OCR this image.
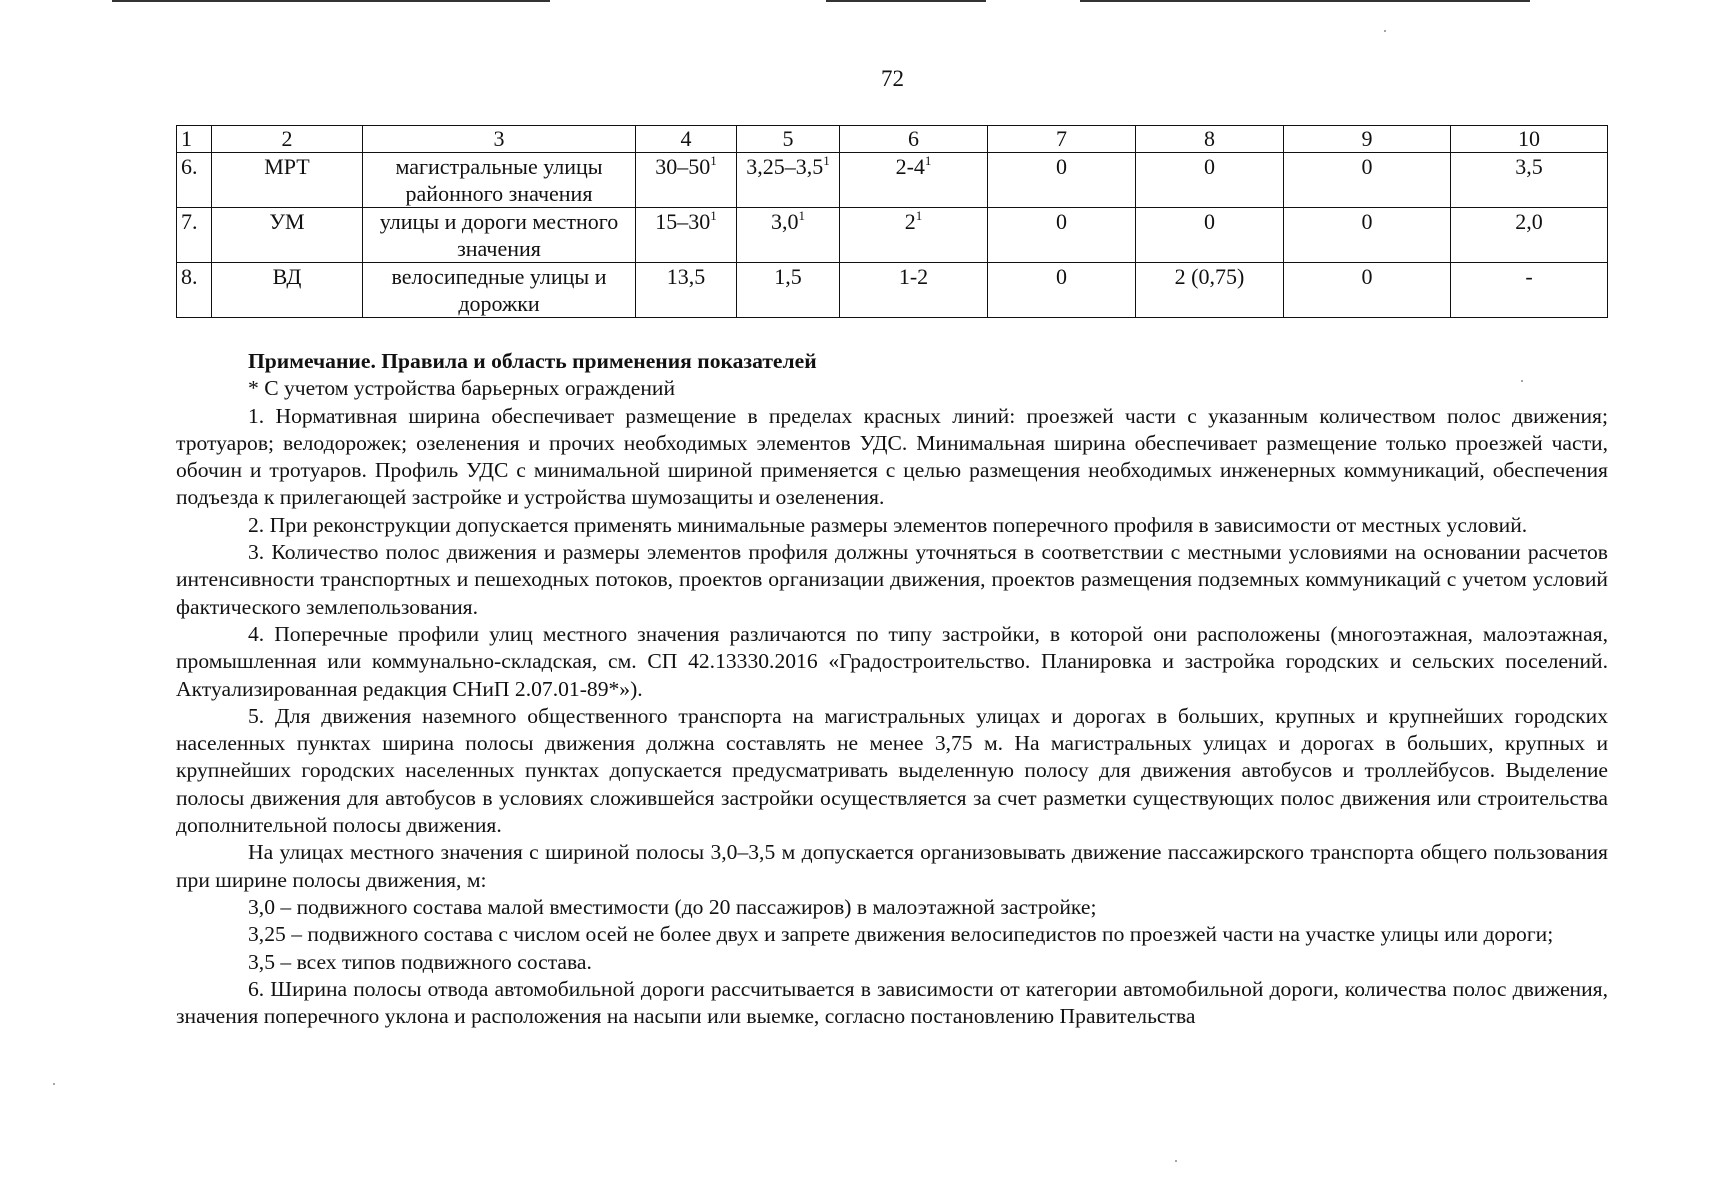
72
1	2	3	4	5	6	7	8	9	10
6.	МРТ	магистральные улицы районного значения	$30-50^1$	$3,25-3,5^1$	$2-4^1$	0	0	0	3,5
7.	УМ	улицы и дороги местного значения	$15-30^1$	$3,0^1$	$2^1$	0	0	0	2,0
8.	ВД	велосипедные улицы и дорожки	13,5	1,5	1-2	0	2 (0,75)	0	-

Примечание. Правила и область применения показателей

* С учетом устройства барьерных ограждений

1. Нормативная ширина обеспечивает размещение в пределах красных линий: проезжей части с указанным количеством полос движения; тротуаров; велодорожек; озеленения и прочих необходимых элементов УДС. Минимальная ширина обеспечивает размещение только проезжей части, обочин и тротуаров. Профиль УДС с минимальной шириной применяется с целью размещения необходимых инженерных коммуникаций, обеспечения подъезда к прилегающей застройке и устройства шумозащиты и озеленения.

2. При реконструкции допускается применять минимальные размеры элементов поперечного профиля в зависимости от местных условий.

3. Количество полос движения и размеры элементов профиля должны уточняться в соответствии с местными условиями на основании расчетов интенсивности транспортных и пешеходных потоков, проектов организации движения, проектов размещения подземных коммуникаций с учетом условий фактического землепользования.

4. Поперечные профили улиц местного значения различаются по типу застройки, в которой они расположены (многоэтажная, малоэтажная, промышленная или коммунально-складская, см. СП 42.13330.2016 «Градостроительство. Планировка и застройка городских и сельских поселений. Актуализированная редакция СНиП 2.07.01-89*»).

5. Для движения наземного общественного транспорта на магистральных улицах и дорогах в больших, крупных и крупнейших городских населенных пунктах ширина полосы движения должна составлять не менее 3,75 м. На магистральных улицах и дорогах в больших, крупных и крупнейших городских населенных пунктах допускается предусматривать выделенную полосу для движения автобусов и троллейбусов. Выделение полосы движения для автобусов в условиях сложившейся застройки осуществляется за счет разметки существующих полос движения или строительства дополнительной полосы движения.

На улицах местного значения с шириной полосы 3,0–3,5 м допускается организовывать движение пассажирского транспорта общего пользования при ширине полосы движения, м:

3,0 – подвижного состава малой вместимости (до 20 пассажиров) в малоэтажной застройке;

3,25 – подвижного состава с числом осей не более двух и запрете движения велосипедистов по проезжей части на участке улицы или дороги;

3,5 – всех типов подвижного состава.

6. Ширина полосы отвода автомобильной дороги рассчитывается в зависимости от категории автомобильной дороги, количества полос движения, значения поперечного уклона и расположения на насыпи или выемке, согласно постановлению Правительства
